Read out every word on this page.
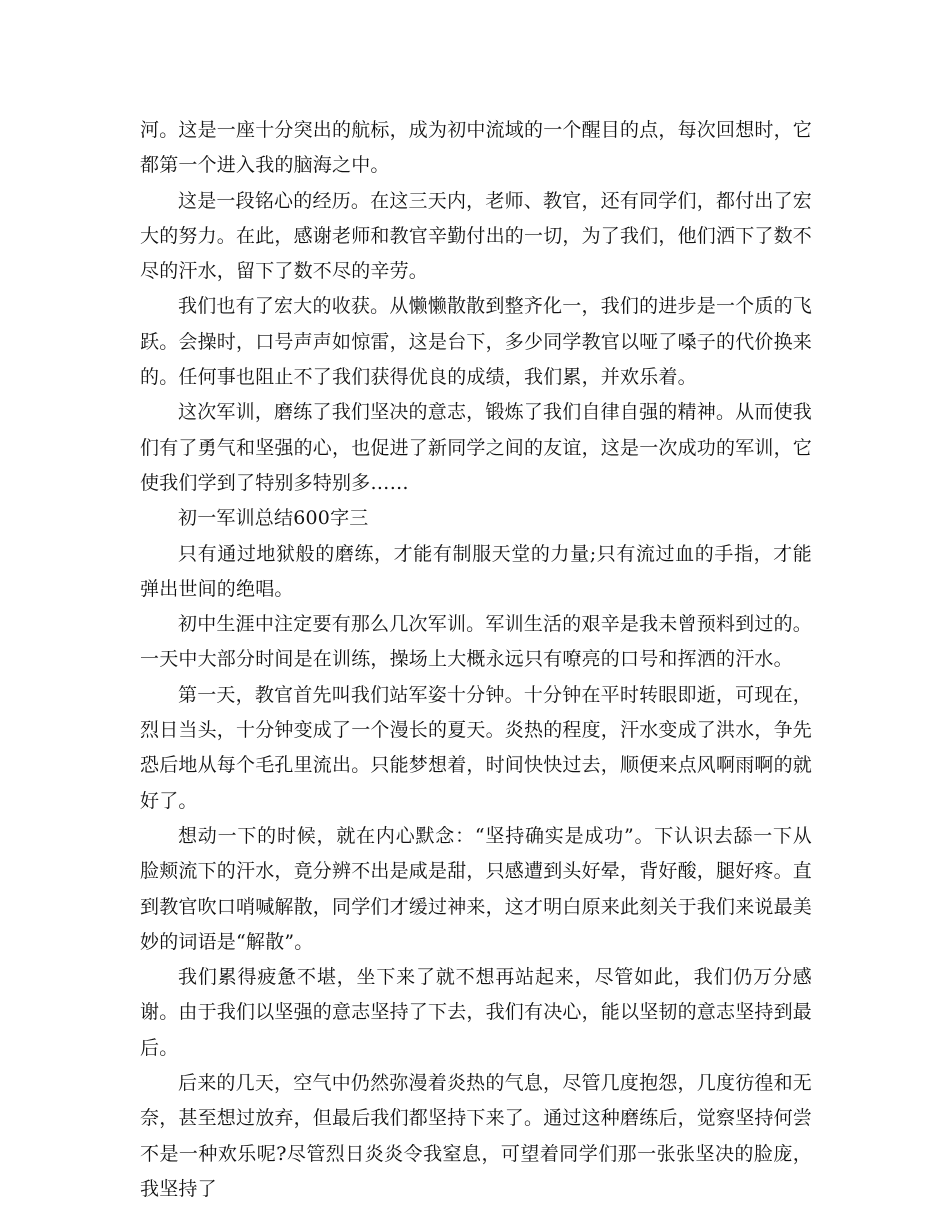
河。这是一座十分突出的航标，成为初中流域的一个醒目的点，每次回想时，它都第一个进入我的脑海之中。

这是一段铭心的经历。在这三天内，老师、教官，还有同学们，都付出了宏大的努力。在此，感谢老师和教官辛勤付出的一切，为了我们，他们洒下了数不尽的汗水，留下了数不尽的辛劳。

我们也有了宏大的收获。从懒懒散散到整齐化一，我们的进步是一个质的飞跃。会操时，口号声声如惊雷，这是台下，多少同学教官以哑了嗓子的代价换来的。任何事也阻止不了我们获得优良的成绩，我们累，并欢乐着。

这次军训，磨练了我们坚决的意志，锻炼了我们自律自强的精神。从而使我们有了勇气和坚强的心，也促进了新同学之间的友谊，这是一次成功的军训，它使我们学到了特别多特别多……

初一军训总结600字三

只有通过地狱般的磨练，才能有制服天堂的力量;只有流过血的手指，才能弹出世间的绝唱。

初中生涯中注定要有那么几次军训。军训生活的艰辛是我未曾预料到过的。一天中大部分时间是在训练，操场上大概永远只有嘹亮的口号和挥洒的汗水。

第一天，教官首先叫我们站军姿十分钟。十分钟在平时转眼即逝，可现在，烈日当头，十分钟变成了一个漫长的夏天。炎热的程度，汗水变成了洪水，争先恐后地从每个毛孔里流出。只能梦想着，时间快快过去，顺便来点风啊雨啊的就好了。

想动一下的时候，就在内心默念：“坚持确实是成功”。下认识去舔一下从脸颊流下的汗水，竟分辨不出是咸是甜，只感遭到头好晕，背好酸，腿好疼。直到教官吹口哨喊解散，同学们才缓过神来，这才明白原来此刻关于我们来说最美妙的词语是“解散”。

我们累得疲惫不堪，坐下来了就不想再站起来，尽管如此，我们仍万分感谢。由于我们以坚强的意志坚持了下去，我们有决心，能以坚韧的意志坚持到最后。

后来的几天，空气中仍然弥漫着炎热的气息，尽管几度抱怨，几度彷徨和无奈，甚至想过放弃，但最后我们都坚持下来了。通过这种磨练后，觉察坚持何尝不是一种欢乐呢?尽管烈日炎炎令我窒息，可望着同学们那一张张坚决的脸庞，我坚持了
